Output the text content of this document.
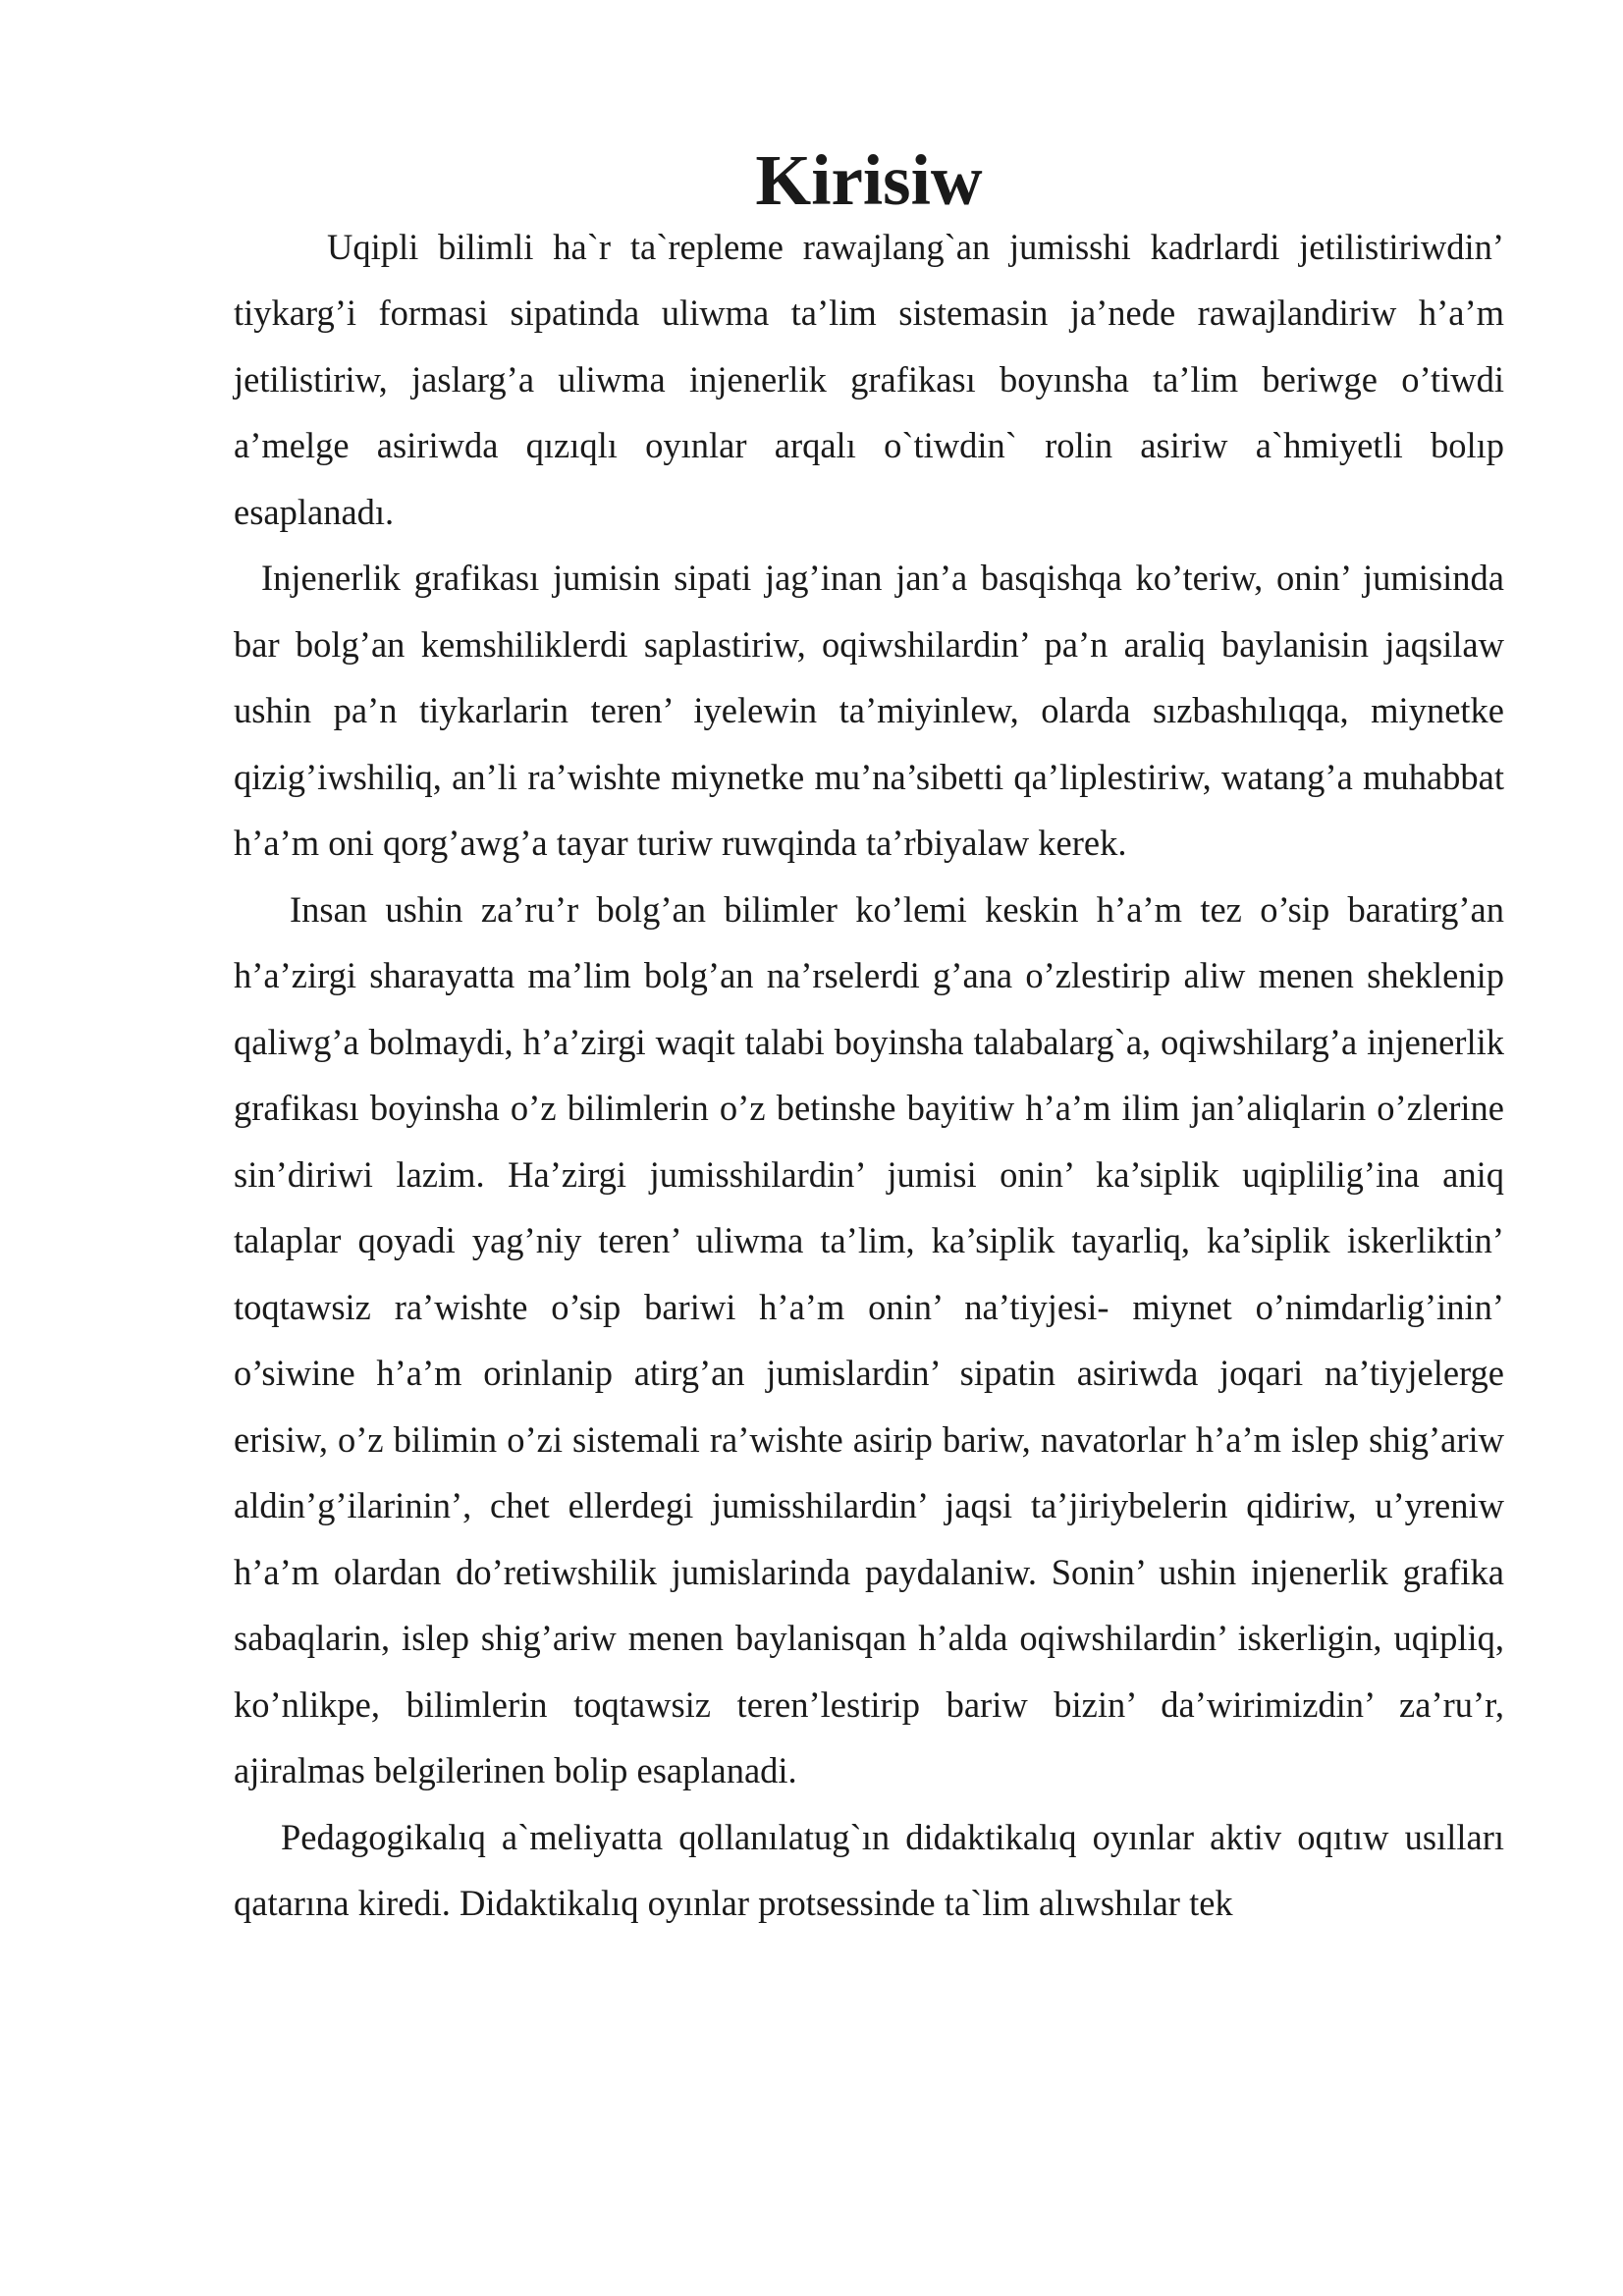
Kirisiw

Uqipli bilimli ha`r ta`repleme rawajlang`an jumisshi kadrlardi jetilistiriwdin’ tiykarg’i formasi sipatinda uliwma ta’lim sistemasin ja’nede rawajlandiriw h’a’m jetilistiriw, jaslarg’a uliwma injenerlik grafikası boyınsha ta’lim beriwge o’tiwdi a’melge asiriwda qızıqlı oyınlar arqalı o`tiwdin` rolin asiriw a`hmiyetli bolıp esaplanadı.

Injenerlik grafikası jumisin sipati jag’inan jan’a basqishqa ko’teriw, onin’ jumisinda bar bolg’an kemshiliklerdi saplastiriw, oqiwshilardin’ pa’n araliq baylanisin jaqsilaw ushin pa’n tiykarlarin teren’ iyelewin ta’miyinlew, olarda sızbashılıqqa, miynetke qizig’iwshiliq, an’li ra’wishte miynetke mu’na’sibetti qa’liplestiriw, watang’a muhabbat h’a’m oni qorg’awg’a tayar turiw ruwqinda ta’rbiyalaw kerek.

Insan ushin za’ru’r bolg’an bilimler ko’lemi keskin h’a’m tez o’sip baratirg’an h’a’zirgi sharayatta ma’lim bolg’an na’rselerdi g’ana o’zlestirip aliw menen sheklenip qaliwg’a bolmaydi, h’a’zirgi waqit talabi boyinsha talabalarg`a, oqiwshilarg’a injenerlik grafikası boyinsha o’z bilimlerin o’z betinshe bayitiw h’a’m ilim jan’aliqlarin o’zlerine sin’diriwi lazim. Ha’zirgi jumisshilardin’ jumisi onin’ ka’siplik uqiplilig’ina aniq talaplar qoyadi yag’niy teren’ uliwma ta’lim, ka’siplik tayarliq, ka’siplik iskerliktin’ toqtawsiz ra’wishte o’sip bariwi h’a’m onin’ na’tiyjesi- miynet o’nimdarlig’inin’ o’siwine h’a’m orinlanip atirg’an jumislardin’ sipatin asiriwda joqari na’tiyjelerge erisiw, o’z bilimin o’zi sistemali ra’wishte asirip bariw, navatorlar h’a’m islep shig’ariw aldin’g’ilarinin’, chet ellerdegi jumisshilardin’ jaqsi ta’jiriybelerin qidiriw, u’yreniw h’a’m olardan do’retiwshilik jumislarinda paydalaniw. Sonin’ ushin injenerlik grafika sabaqlarin, islep shig’ariw menen baylanisqan h’alda oqiwshilardin’ iskerligin, uqipliq, ko’nlikpe, bilimlerin toqtawsiz teren’lestirip bariw bizin’ da’wirimizdin’ za’ru’r, ajiralmas belgilerinen bolip esaplanadi.

Pedagogikalıq a`meliyatta qollanılatug`ın didaktikalıq oyınlar aktiv oqıtıw usılları qatarına kiredi. Didaktikalıq oyınlar protsessinde ta`lim alıwshılar tek
